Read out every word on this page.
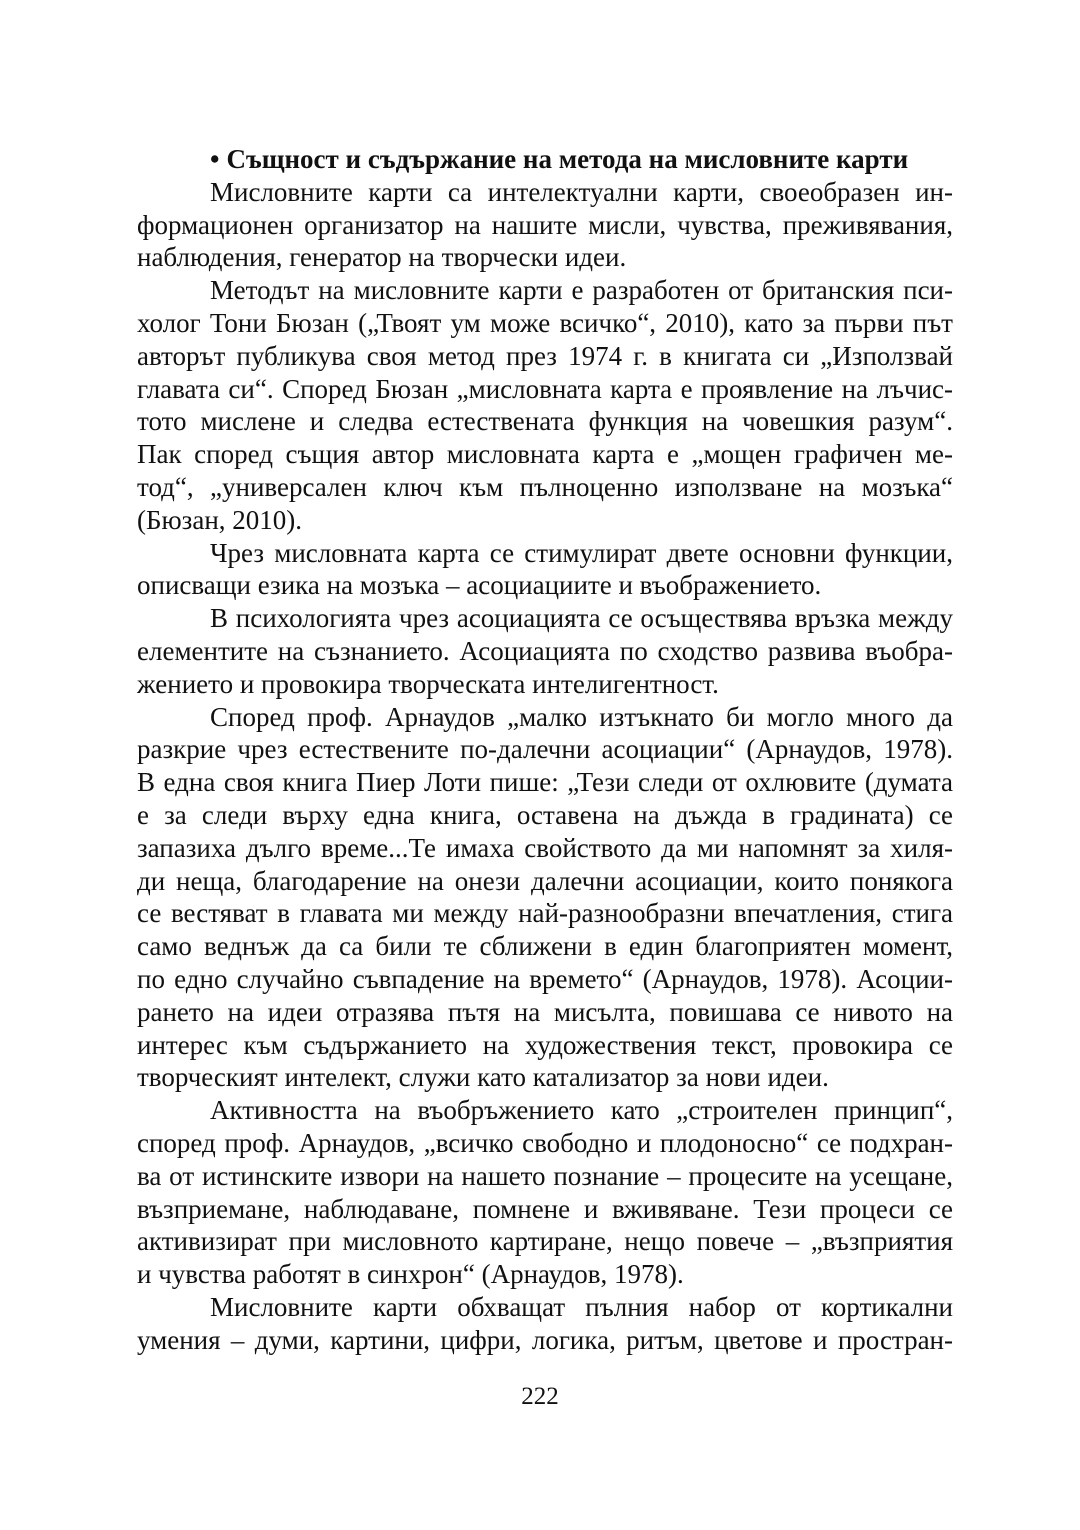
• Същност и съдържание на метода на мисловните карти
Мисловните карти са интелектуални карти, своеобразен ин-
формационен организатор на нашите мисли, чувства, преживявания,
наблюдения, генератор на творчески идеи.
Методът на мисловните карти е разработен от британския пси-
холог Тони Бюзан („Твоят ум може всичко“, 2010), като за първи път
авторът публикува своя метод през 1974 г. в книгата си „Използвай
главата си“. Според Бюзан „мисловната карта е проявление на лъчис-
тото мислене и следва естествената функция на човешкия разум“.
Пак според същия автор мисловната карта е „мощен графичен ме-
тод“, „универсален ключ към пълноценно използване на мозъка“
(Бюзан, 2010).
Чрез мисловната карта се стимулират двете основни функции,
описващи езика на мозъка – асоциациите и въображението.
В психологията чрез асоциацията се осъществява връзка между
елементите на съзнанието. Асоциацията по сходство развива въобра-
жението и провокира творческата интелигентност.
Според проф. Арнаудов „малко изтъкнато би могло много да
разкрие чрез естествените по-далечни асоциации“ (Арнаудов, 1978).
В една своя книга Пиер Лоти пише: „Тези следи от охлювите (думата
е за следи върху една книга, оставена на дъжда в градината) се
запазиха дълго време...Те имаха свойството да ми напомнят за хиля-
ди неща, благодарение на онези далечни асоциации, които понякога
се вестяват в главата ми между най-разнообразни впечатления, стига
само веднъж да са били те сближени в един благоприятен момент,
по едно случайно съвпадение на времето“ (Арнаудов, 1978). Асоции-
рането на идеи отразява пътя на мисълта, повишава се нивото на
интерес към съдържанието на художествения текст, провокира се
творческият интелект, служи като катализатор за нови идеи.
Активността на въобръжението като „строителен принцип“,
според проф. Арнаудов, „всичко свободно и плодоносно“ се подхран-
ва от истинските извори на нашето познание – процесите на усещане,
възприемане, наблюдаване, помнене и вживяване. Тези процеси се
активизират при мисловното картиране, нещо повече – „възприятия
и чувства работят в синхрон“ (Арнаудов, 1978).
Мисловните карти обхващат пълния набор от кортикални
умения – думи, картини, цифри, логика, ритъм, цветове и простран-
222
